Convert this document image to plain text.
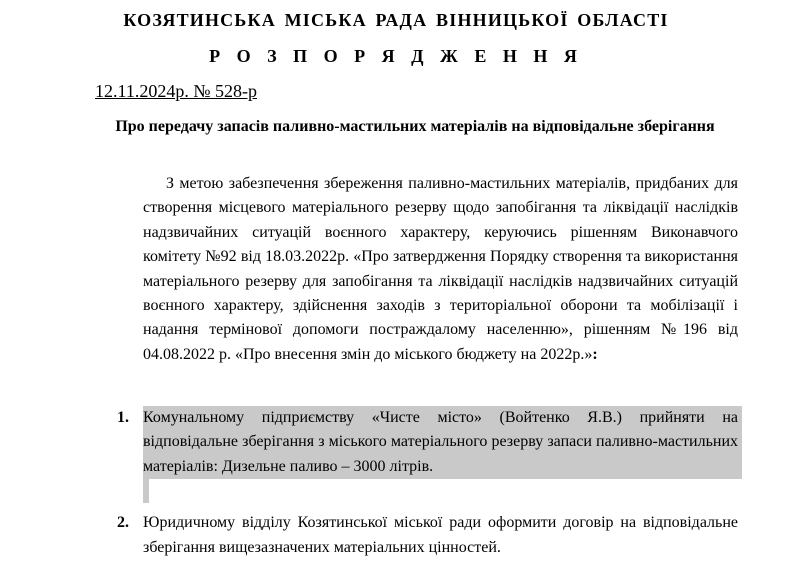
КОЗЯТИНСЬКА МІСЬКА РАДА ВІННИЦЬКОЇ ОБЛАСТІ
Р О З П О Р Я Д Ж Е Н Н Я
12.11.2024р. № 528-р
Про передачу запасів паливно-мастильних матеріалів на відповідальне зберігання
З метою забезпечення збереження паливно-мастильних матеріалів, придбаних для створення місцевого матеріального резерву щодо запобігання та ліквідації наслідків надзвичайних ситуацій воєнного характеру, керуючись рішенням Виконавчого комітету №92 від 18.03.2022р. «Про затвердження Порядку створення та використання матеріального резерву для запобігання та ліквідації наслідків надзвичайних ситуацій воєнного характеру, здійснення заходів з територіальної оборони та мобілізації і надання термінової допомоги постраждалому населенню», рішенням №196 від 04.08.2022 р. «Про внесення змін до міського бюджету на 2022р.»:
1. Комунальному підприємству «Чисте місто» (Войтенко Я.В.) прийняти на відповідальне зберігання з міського матеріального резерву запаси паливно-мастильних матеріалів: Дизельне паливо – 3000 літрів.
2. Юридичному відділу Козятинської міської ради оформити договір на відповідальне зберігання вищезазначених матеріальних цінностей.
